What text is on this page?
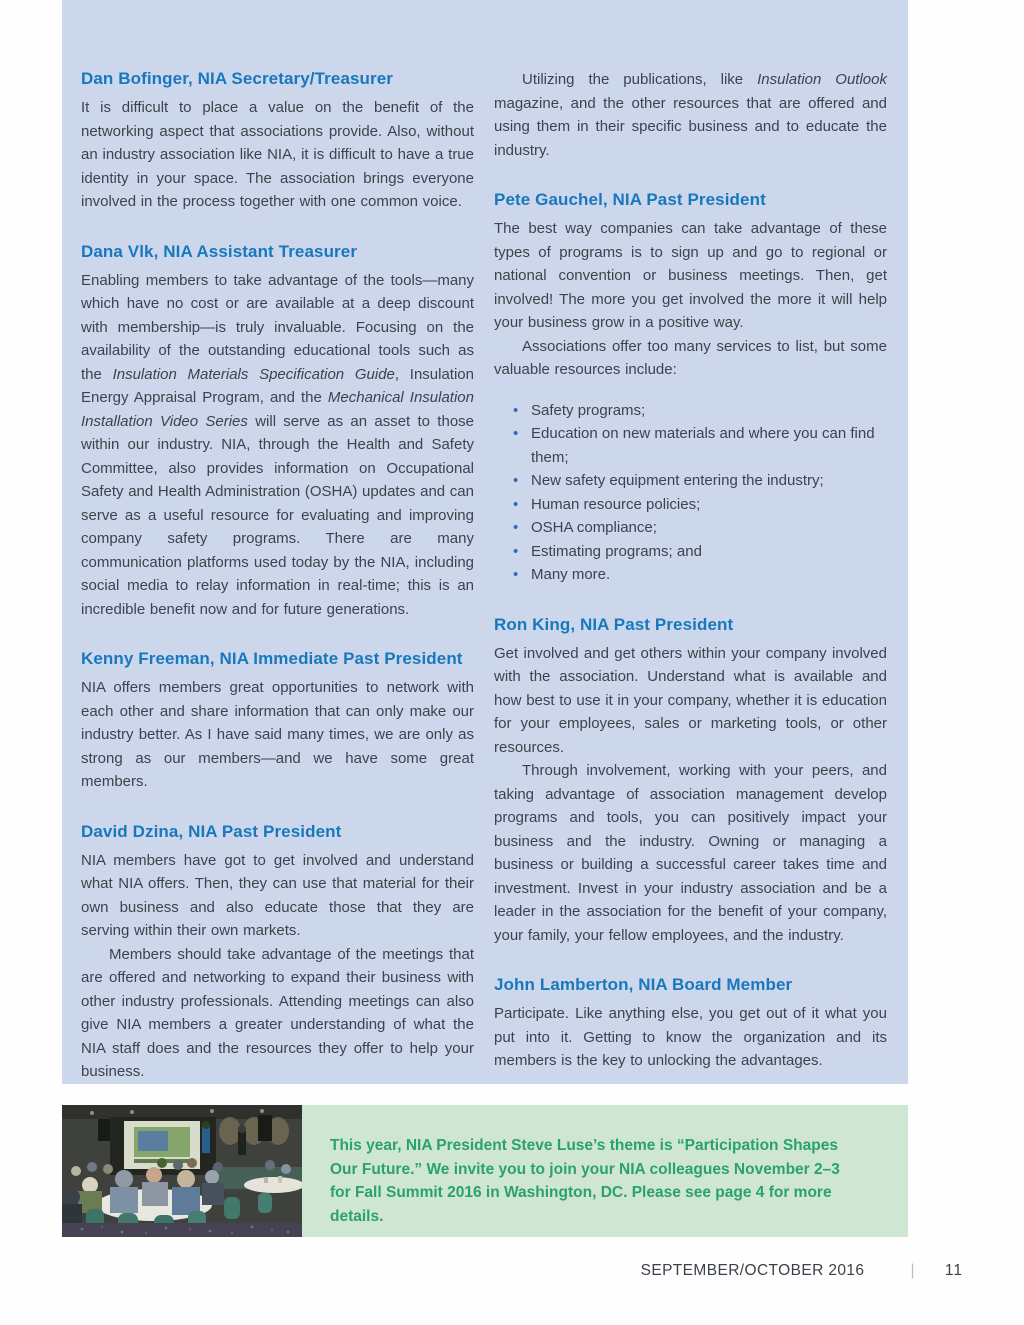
Dan Bofinger, NIA Secretary/Treasurer

It is difficult to place a value on the benefit of the networking aspect that associations provide. Also, without an industry association like NIA, it is difficult to have a true identity in your space. The association brings everyone involved in the process together with one common voice.

Dana Vlk, NIA Assistant Treasurer

Enabling members to take advantage of the tools—many which have no cost or are available at a deep discount with membership—is truly invaluable. Focusing on the availability of the outstanding educational tools such as the Insulation Materials Specification Guide, Insulation Energy Appraisal Program, and the Mechanical Insulation Installation Video Series will serve as an asset to those within our industry. NIA, through the Health and Safety Committee, also provides information on Occupational Safety and Health Administration (OSHA) updates and can serve as a useful resource for evaluating and improving company safety programs. There are many communication platforms used today by the NIA, including social media to relay information in real-time; this is an incredible benefit now and for future generations.

Kenny Freeman, NIA Immediate Past President

NIA offers members great opportunities to network with each other and share information that can only make our industry better. As I have said many times, we are only as strong as our members—and we have some great members.

David Dzina, NIA Past President

NIA members have got to get involved and understand what NIA offers. Then, they can use that material for their own business and also educate those that they are serving within their own markets.

Members should take advantage of the meetings that are offered and networking to expand their business with other industry professionals. Attending meetings can also give NIA members a greater understanding of what the NIA staff does and the resources they offer to help your business.

Utilizing the publications, like Insulation Outlook magazine, and the other resources that are offered and using them in their specific business and to educate the industry.

Pete Gauchel, NIA Past President

The best way companies can take advantage of these types of programs is to sign up and go to regional or national convention or business meetings. Then, get involved! The more you get involved the more it will help your business grow in a positive way.

Associations offer too many services to list, but some valuable resources include:

• Safety programs;
• Education on new materials and where you can find them;
• New safety equipment entering the industry;
• Human resource policies;
• OSHA compliance;
• Estimating programs; and
• Many more.
Ron King, NIA Past President

Get involved and get others within your company involved with the association. Understand what is available and how best to use it in your company, whether it is education for your employees, sales or marketing tools, or other resources.

Through involvement, working with your peers, and taking advantage of association management develop programs and tools, you can positively impact your business and the industry. Owning or managing a business or building a successful career takes time and investment. Invest in your industry association and be a leader in the association for the benefit of your company, your family, your fellow employees, and the industry.

John Lamberton, NIA Board Member

Participate. Like anything else, you get out of it what you put into it. Getting to know the organization and its members is the key to unlocking the advantages.

This year, NIA President Steve Luse’s theme is “Participation Shapes Our Future.” We invite you to join your NIA colleagues November 2–3 for Fall Summit 2016 in Washington, DC. Please see page 4 for more details.

SEPTEMBER/OCTOBER 2016	| 11
